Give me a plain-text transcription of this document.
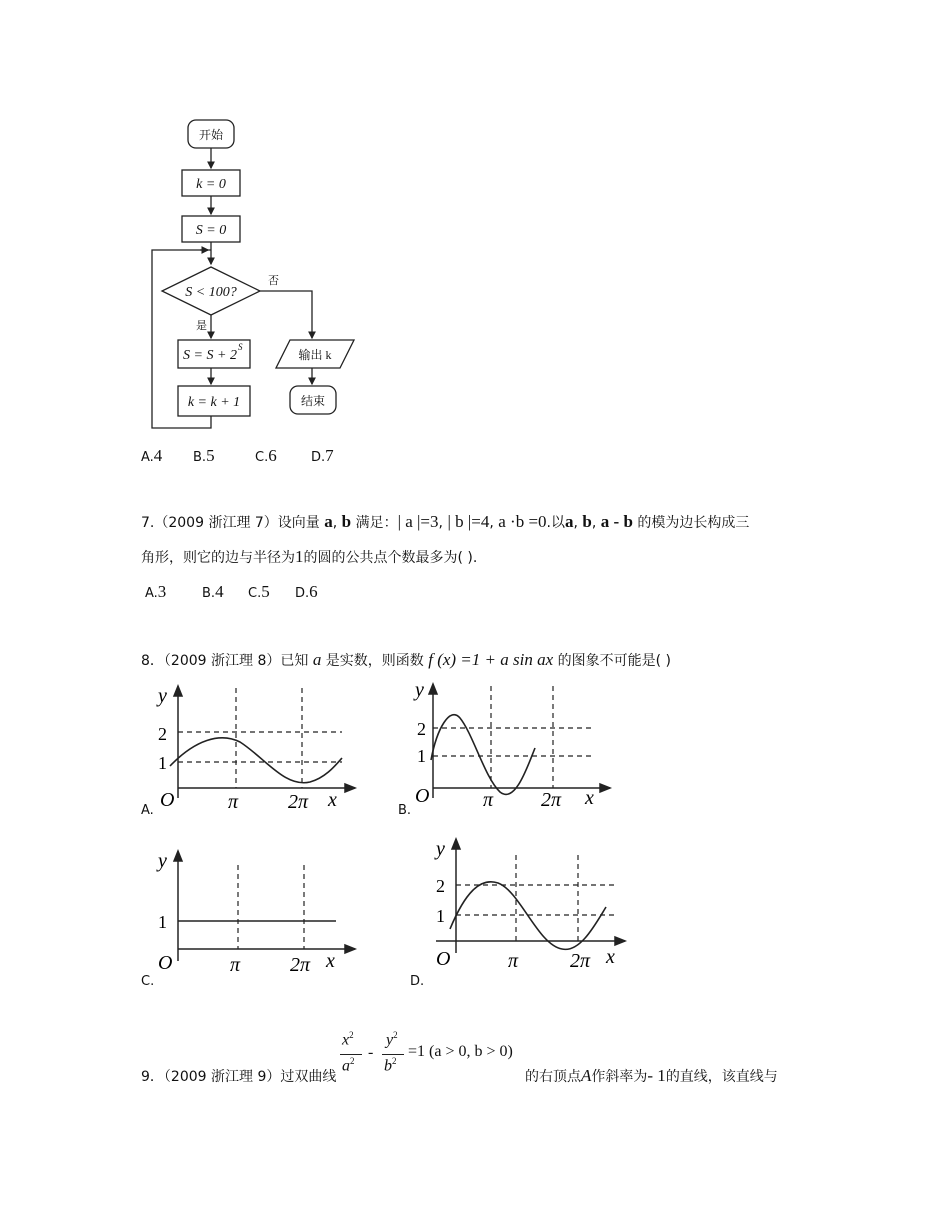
开始
k = 0
S = 0
S < 100?
否
是
S = S + 2
S
k = k + 1
输出 k
结束
A.4 B.5	C.6	D.7
7.（2009 浙江理 7）设向量 a, b 满足：| a |=3, | b |=4, a ·b =0.以a, b, a - b 的模为边长构成三
角形，则它的边与半径为1的圆的公共点个数最多为( ).
A.3	B.4 C.5 D.6
8．（2009 浙江理 8）已知 a 是实数，则函数 f (x) =1 + a sin ax 的图象不可能是( )
y
2
1
O	π 2π x
A.
y
2
1
O	π 2π x
B.
y
1
O	π 2π x
C.
y
2
1
O	π	2π x
D.
9．（2009 浙江理 9）过双曲线
$x^2$
$a^2$ -
$y^2$
$b^2$
=1 (a > 0, b > 0)
的右顶点A作斜率为- 1的直线，该直线与
